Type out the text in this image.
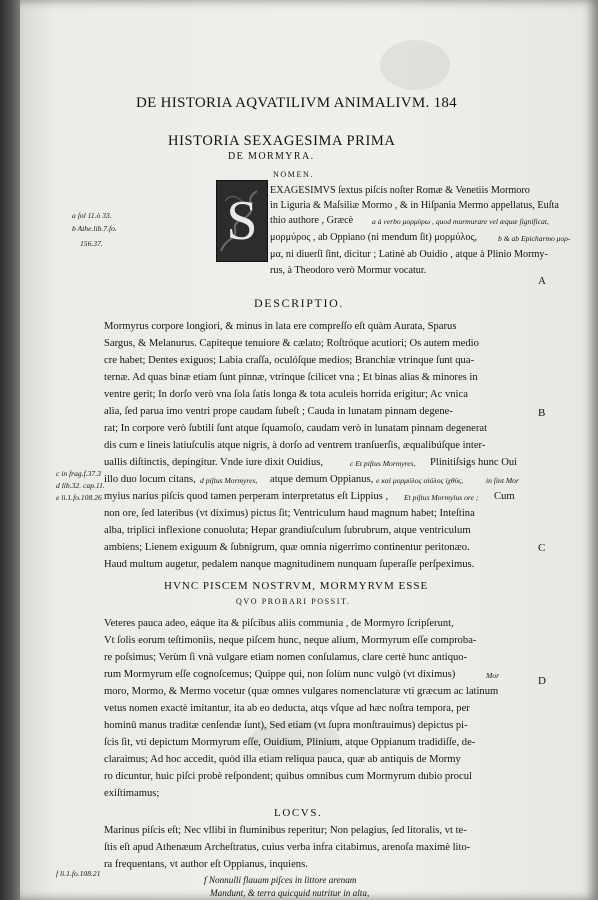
DE HISTORIA AQVATILIVM ANIMALIVM. 184
HISTORIA SEXAGESIMA PRIMA
DE MORMYRA.
NOMEN.
S EXAGESIMVS ſextus piſcis noſter Romæ & Venetiis Mormoro
in Liguria & Maſsiliæ Mormo , & in Hiſpania Mermo appellatus, Euſta
thio authore , Græcè a à verbo μορμύρω , quod murmurare vel æquæ ſignificat,
μορμύρος , ab Oppiano (ni mendum ſit) μορμύλος,	b & ab Epicharmo μορ-
μα, ni diuerſi ſint, dicitur ; Latinè ab Ouidio , atque à Plinio Mormy-
rus, à Theodoro verò Mormur vocatur.
a ſol 11.ò 33.
b Athe.lib.7.fo.
156.37.
A
DESCRIPTIO.
Mormyrus corpore longiori, & minus in lata ere compreſſo eſt quàm Aurata, Sparus
Sargus, & Melanurus. Capiteque tenuiore & cælato; Roſtróque acutiori; Os autem medio
cre habet; Dentes exiguos; Labia craſſa, oculóſque medios; Branchiæ vtrinque ſunt qua-
ternæ. Ad quas binæ etiam ſunt pinnæ, vtrinque ſcilicet vna ; Et binas alias & minores in
ventre gerit; In dorſo verò vna ſola ſatis longa & tota aculeis horrida erigitur; Ac vnica
alia, ſed parua imo ventri prope caudam ſubeſt ; Cauda in lunatam pinnam degene-
rat; In corpore verò ſubtili ſunt atque ſquamoſo, caudam verò in lunatam pinnam degenerat
dis cum e lineis latiuſculis atque nigris, à dorſo ad ventrem tranſuerſis, æqualibúſque inter-
uallis diſtinctis, depingitur. Vnde iure dixit Ouidius,	c Et piſtus Mormyres, Plinitiſsigs hunc Oui
illo duo locum citans, d piſtus Mormyres, atque demum Oppianus, e καὶ μορμύλος αἰόλος ἰχθύς,	in ſint Mor
myius narius piſcis quod tamen perperam interpretatus eſt Lippius , Et piſtus Mormylus ore ; Cum
non ore, ſed lateribus (vt diximus) pictus ſit; Ventriculum haud magnum habet; Inteſtina
alba, triplici inflexione conuoluta; Hepar grandiuſculum ſubrubrum, atque ventriculum
ambiens; Lienem exiguum & ſubnigrum, quæ omnia nigerrimo continentur peritonæo.
Haud multum augetur, pedalem nanque magnitudinem nunquam ſuperaſſe perſpeximus.
c in frag.f.37.3
d lib.32. cap.11.
e li.1.fo.108.26
B
HVNC PISCEM NOSTRVM, MORMYRVM ESSE
QVO PROBARI POSSIT.
C
Veteres pauca adeo, eáque ita & piſcibus aliis communia , de Mormyro ſcripſerunt,
Vt ſolis eorum teſtimoniis, neque piſcem hunc, neque alium, Mormyrum eſſe comproba-
re poſsimus; Verùm ſi vnà vulgare etiam nomen conſulamus, clare certè hunc antiquo-
rum Mormyrum eſſe cognoſcemus; Quippe qui, non ſolùm nunc vulgò (vt diximus)	Mor
moro, Mormo, & Mermo vocetur (quæ omnes vulgares nomenclaturæ vti græcum ac latinum
vetus nomen exactè imitantur, ita ab eo deducta, atqs vſque ad hæc noſtra tempora, per
hominū manus traditæ cenſendæ ſunt), Sed etiam (vt ſupra monſtrauimus) depictus pi-
ſcis ſit, vti depictum Mormyrum eſſe, Ouidium, Plinium, atque Oppianum tradidiſſe, de-
claraimus; Ad hoc accedit, quòd illa etiam reliqua pauca, quæ ab antiquis de Mormy
ro dicuntur, huic piſci probè reſpondent; quibus omnibus cum Mormyrum dubio procul
exiſtimamus;
D
LOCVS.
Marinus piſcis eſt; Nec vllibi in fluminibus reperitur; Non pelagius, ſed litoralis, vt te-
ſtis eſt apud Athenæum Archeſtratus, cuius verba infra citabimus, arenoſa maximè lito-
ra frequentans, vt author eſt Oppianus, inquiens.
f li.1.fo.108.21
f Nonnulli flauam piſces in littore arenam
Mandunt, & terra quicquid nutritur in alta,
